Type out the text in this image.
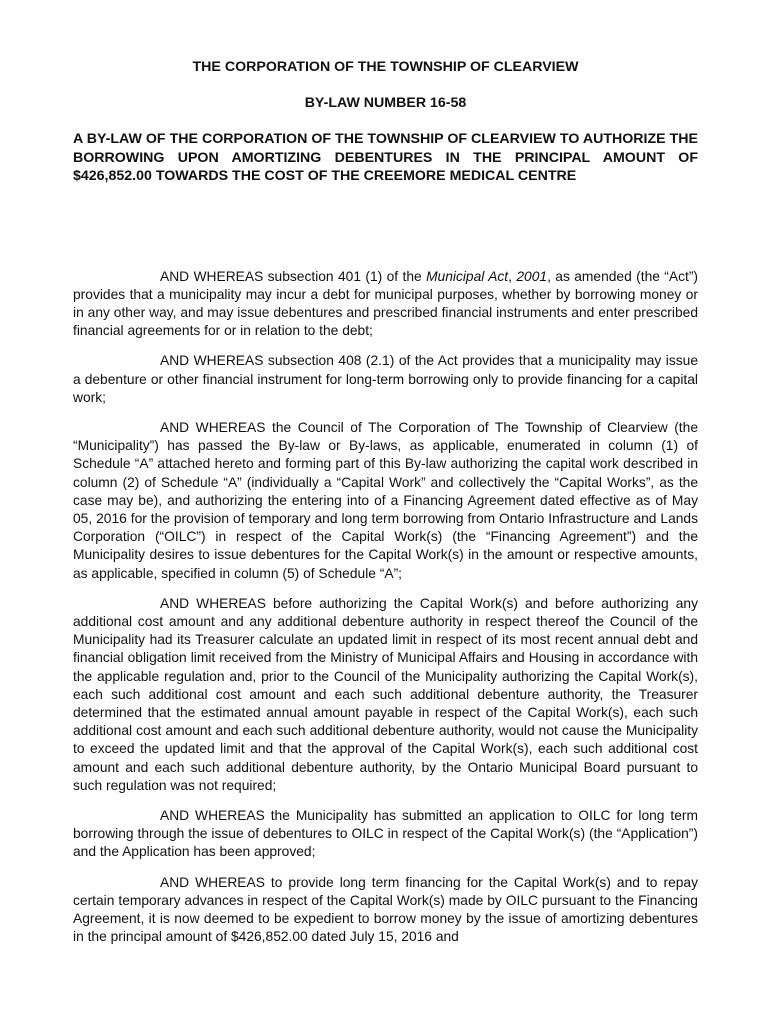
THE CORPORATION OF THE TOWNSHIP OF CLEARVIEW

BY-LAW NUMBER 16-58

A BY-LAW OF THE CORPORATION OF THE TOWNSHIP OF CLEARVIEW TO AUTHORIZE THE BORROWING UPON AMORTIZING DEBENTURES IN THE PRINCIPAL AMOUNT OF $426,852.00 TOWARDS THE COST OF THE CREEMORE MEDICAL CENTRE

AND WHEREAS subsection 401 (1) of the Municipal Act, 2001, as amended (the “Act”) provides that a municipality may incur a debt for municipal purposes, whether by borrowing money or in any other way, and may issue debentures and prescribed financial instruments and enter prescribed financial agreements for or in relation to the debt;

AND WHEREAS subsection 408 (2.1) of the Act provides that a municipality may issue a debenture or other financial instrument for long-term borrowing only to provide financing for a capital work;

AND WHEREAS the Council of The Corporation of The Township of Clearview (the “Municipality”) has passed the By-law or By-laws, as applicable, enumerated in column (1) of Schedule “A” attached hereto and forming part of this By-law authorizing the capital work described in column (2) of Schedule “A” (individually a “Capital Work” and collectively the “Capital Works”, as the case may be), and authorizing the entering into of a Financing Agreement dated effective as of May 05, 2016 for the provision of temporary and long term borrowing from Ontario Infrastructure and Lands Corporation (“OILC”) in respect of the Capital Work(s) (the “Financing Agreement”) and the Municipality desires to issue debentures for the Capital Work(s) in the amount or respective amounts, as applicable, specified in column (5) of Schedule “A”;

AND WHEREAS before authorizing the Capital Work(s) and before authorizing any additional cost amount and any additional debenture authority in respect thereof the Council of the Municipality had its Treasurer calculate an updated limit in respect of its most recent annual debt and financial obligation limit received from the Ministry of Municipal Affairs and Housing in accordance with the applicable regulation and, prior to the Council of the Municipality authorizing the Capital Work(s), each such additional cost amount and each such additional debenture authority, the Treasurer determined that the estimated annual amount payable in respect of the Capital Work(s), each such additional cost amount and each such additional debenture authority, would not cause the Municipality to exceed the updated limit and that the approval of the Capital Work(s), each such additional cost amount and each such additional debenture authority, by the Ontario Municipal Board pursuant to such regulation was not required;

AND WHEREAS the Municipality has submitted an application to OILC for long term borrowing through the issue of debentures to OILC in respect of the Capital Work(s) (the “Application”) and the Application has been approved;

AND WHEREAS to provide long term financing for the Capital Work(s) and to repay certain temporary advances in respect of the Capital Work(s) made by OILC pursuant to the Financing Agreement, it is now deemed to be expedient to borrow money by the issue of amortizing debentures in the principal amount of $426,852.00 dated July 15, 2016 and
